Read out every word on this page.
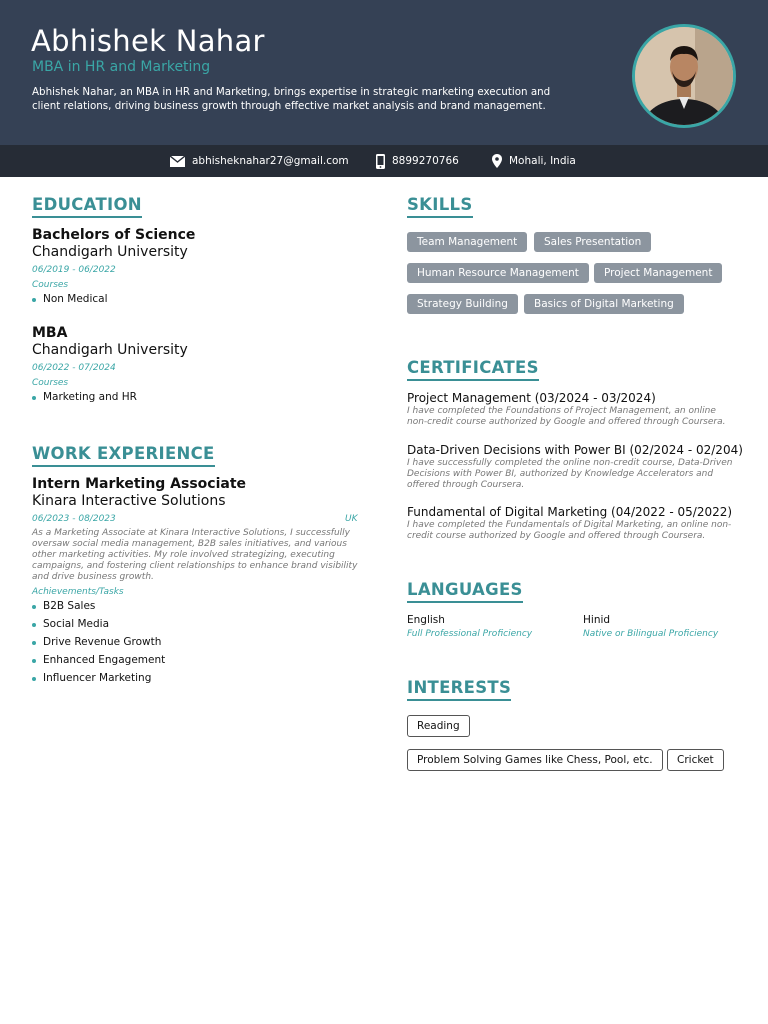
Abhishek Nahar
MBA in HR and Marketing
Abhishek Nahar, an MBA in HR and Marketing, brings expertise in strategic marketing execution and client relations, driving business growth through effective market analysis and brand management.
abhisheknahar27@gmail.com	8899270766	Mohali, India
EDUCATION
Bachelors of Science
Chandigarh University
06/2019 - 06/2022
Courses
Non Medical
MBA
Chandigarh University
06/2022 - 07/2024
Courses
Marketing and HR
WORK EXPERIENCE
Intern Marketing Associate
Kinara Interactive Solutions
06/2023 - 08/2023	UK
As a Marketing Associate at Kinara Interactive Solutions, I successfully oversaw social media management, B2B sales initiatives, and various other marketing activities. My role involved strategizing, executing campaigns, and fostering client relationships to enhance brand visibility and drive business growth.
Achievements/Tasks
B2B Sales
Social Media
Drive Revenue Growth
Enhanced Engagement
Influencer Marketing
SKILLS
Team Management	Sales Presentation
Human Resource Management	Project Management
Strategy Building	Basics of Digital Marketing
CERTIFICATES
Project Management (03/2024 - 03/2024)
I have completed the Foundations of Project Management, an online non-credit course authorized by Google and offered through Coursera.
Data-Driven Decisions with Power BI (02/2024 - 02/204)
I have successfully completed the online non-credit course, Data-Driven Decisions with Power BI, authorized by Knowledge Accelerators and offered through Coursera.
Fundamental of Digital Marketing (04/2022 - 05/2022)
I have completed the Fundamentals of Digital Marketing, an online non-credit course authorized by Google and offered through Coursera.
LANGUAGES
English
Full Professional Proficiency
Hinid
Native or Bilingual Proficiency
INTERESTS
Reading
Problem Solving Games like Chess, Pool, etc.	Cricket
